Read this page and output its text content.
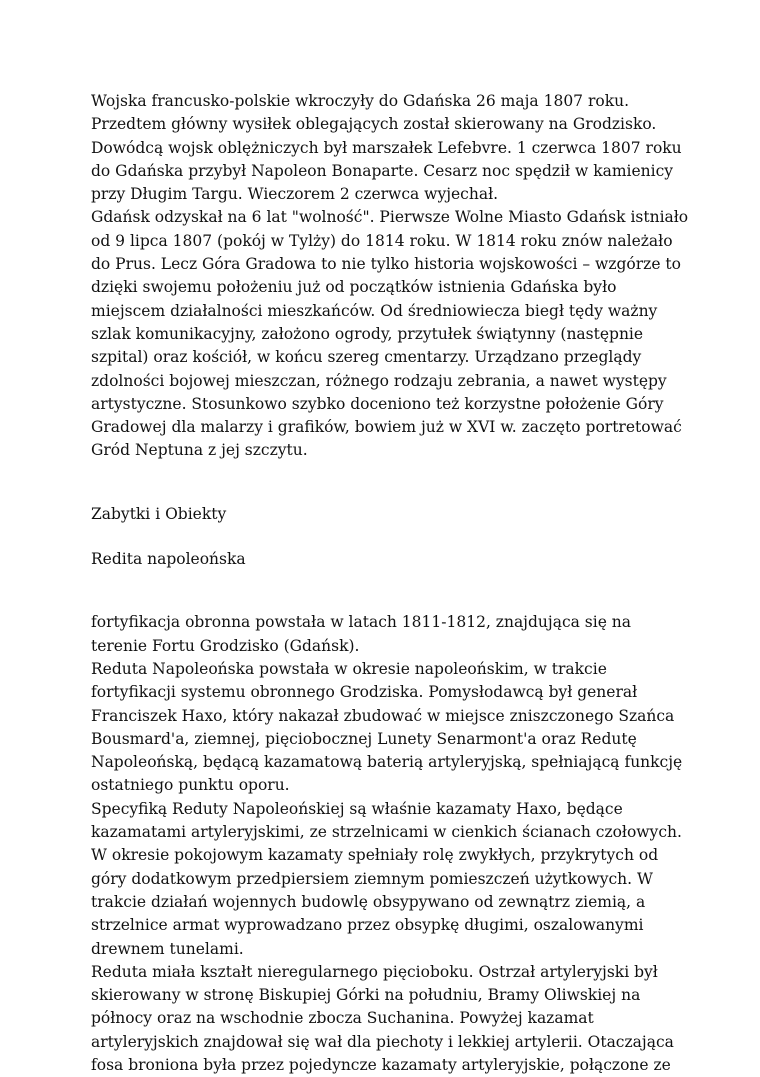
Wojska francusko-polskie wkroczyły do Gdańska 26 maja 1807 roku.
Przedtem główny wysiłek oblegających został skierowany na Grodzisko.
Dowódcą wojsk oblężniczych był marszałek Lefebvre. 1 czerwca 1807 roku
do Gdańska przybył Napoleon Bonaparte. Cesarz noc spędził w kamienicy
przy Długim Targu. Wieczorem 2 czerwca wyjechał.
Gdańsk odzyskał na 6 lat "wolność". Pierwsze Wolne Miasto Gdańsk istniało
od 9 lipca 1807 (pokój w Tylży) do 1814 roku. W 1814 roku znów należało
do Prus. Lecz Góra Gradowa to nie tylko historia wojskowości – wzgórze to
dzięki swojemu położeniu już od początków istnienia Gdańska było
miejscem działalności mieszkańców. Od średniowiecza biegł tędy ważny
szlak komunikacyjny, założono ogrody, przytułek świątynny (następnie
szpital) oraz kościół, w końcu szereg cmentarzy. Urządzano przeglądy
zdolności bojowej mieszczan, różnego rodzaju zebrania, a nawet występy
artystyczne. Stosunkowo szybko doceniono też korzystne położenie Góry
Gradowej dla malarzy i grafików, bowiem już w XVI w. zaczęto portretować
Gród Neptuna z jej szczytu.

Zabytki i Obiekty

Redita napoleońska

fortyfikacja obronna powstała w latach 1811-1812, znajdująca się na
terenie Fortu Grodzisko (Gdańsk).
Reduta Napoleońska powstała w okresie napoleońskim, w trakcie
fortyfikacji systemu obronnego Grodziska. Pomysłodawcą był generał
Franciszek Haxo, który nakazał zbudować w miejsce zniszczonego Szańca
Bousmard'a, ziemnej, pięciobocznej Lunety Senarmont'a oraz Redutę
Napoleońską, będącą kazamatową baterią artyleryjską, spełniającą funkcję
ostatniego punktu oporu.
Specyfiką Reduty Napoleońskiej są właśnie kazamaty Haxo, będące
kazamatami artyleryjskimi, ze strzelnicami w cienkich ścianach czołowych.
W okresie pokojowym kazamaty spełniały rolę zwykłych, przykrytych od
góry dodatkowym przedpiersiem ziemnym pomieszczeń użytkowych. W
trakcie działań wojennych budowlę obsypywano od zewnątrz ziemią, a
strzelnice armat wyprowadzano przez obsypkę długimi, oszalowanymi
drewnem tunelami.
Reduta miała kształt nieregularnego pięcioboku. Ostrzał artyleryjski był
skierowany w stronę Biskupiej Górki na południu, Bramy Oliwskiej na
północy oraz na wschodnie zbocza Suchanina. Powyżej kazamat
artyleryjskich znajdował się wał dla piechoty i lekkiej artylerii. Otaczająca
fosa broniona była przez pojedyncze kazamaty artyleryjskie, połączone ze
